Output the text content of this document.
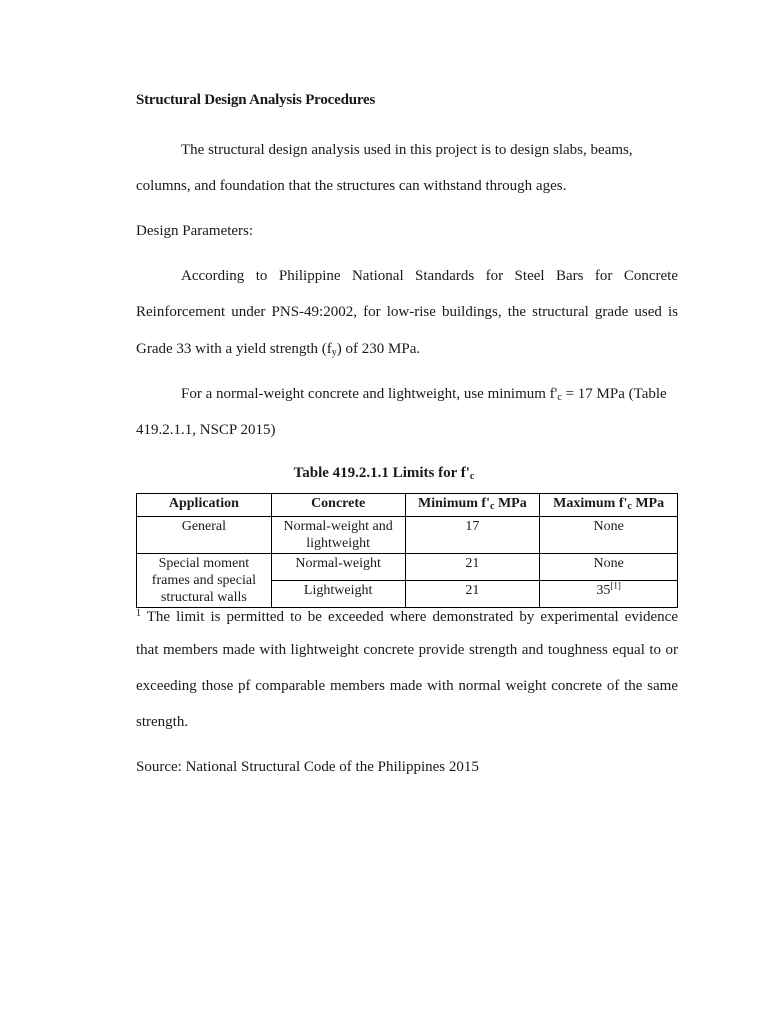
Structural Design Analysis Procedures
The structural design analysis used in this project is to design slabs, beams,
columns, and foundation that the structures can withstand through ages.
Design Parameters:
According to Philippine National Standards for Steel Bars for Concrete
Reinforcement under PNS-49:2002, for low-rise buildings, the structural grade used is
Grade 33 with a yield strength $(f_y)$ of 230 MPa.
For a normal-weight concrete and lightweight, use minimum $f'_c = 17$ MPa (Table
419.2.1.1, NSCP 2015)
Table 419.2.1.1 Limits for $f'_c$
Application	Concrete	Minimum $f'_c$ MPa	Maximum $f'_c$ MPa
General	Normal-weight and lightweight	17	None
Special moment frames and special structural walls	Normal-weight	21	None
	Lightweight	21	35[1]
$^1$ The limit is permitted to be exceeded where demonstrated by experimental evidence
that members made with lightweight concrete provide strength and toughness equal to or
exceeding those pf comparable members made with normal weight concrete of the same
strength.
Source: National Structural Code of the Philippines 2015
